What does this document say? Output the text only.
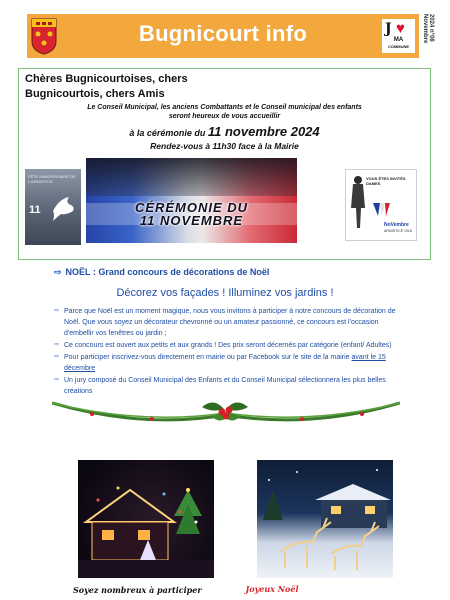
Bugnicourt info	J ♥
MA
COMMUNE
Novembre 2024 n°08
Chères Bugnicourtoises, chers
Bugnicourtois, chers Amis
Le Conseil Municipal, les anciens Combattants et le Conseil municipal des enfants
seront heureux de vous accueillir
à la cérémonie du 11 novembre 2024
Rendez-vous à 11h30 face à la Mairie
FÊTE ANNIVERSAIRE DE L'ARMISTICE
11	CÉRÉMONIE DU
11 NOVEMBRE
VOUS ÊTES INVITÉS DAMES
NoVembre
ARMISTICE 1918
⇨ NOËL : Grand concours de décorations de Noël
Décorez vos façades ! Illuminez vos jardins !
⇨ Parce que Noël est un moment magique, nous vous invitons à participer à notre concours de décoration de Noël. Que vous soyez un décorateur chevronné ou un amateur passionné, ce concours est l'occasion d'embellir vos fenêtres ou jardin ;
⇨ Ce concours est ouvert aux petits et aux grands ! Des prix seront décernés par catégorie (enfant/ Adultes)
⇨ Pour participer inscrivez-vous directement en mairie ou par Facebook sur le site de la mairie avant le 15 décembre
⇨ Un jury composé du Conseil Municipal des Enfants et du Conseil Municipal sélectionnera les plus belles créations
Soyez nombreux à participer	Joyeux Noël
